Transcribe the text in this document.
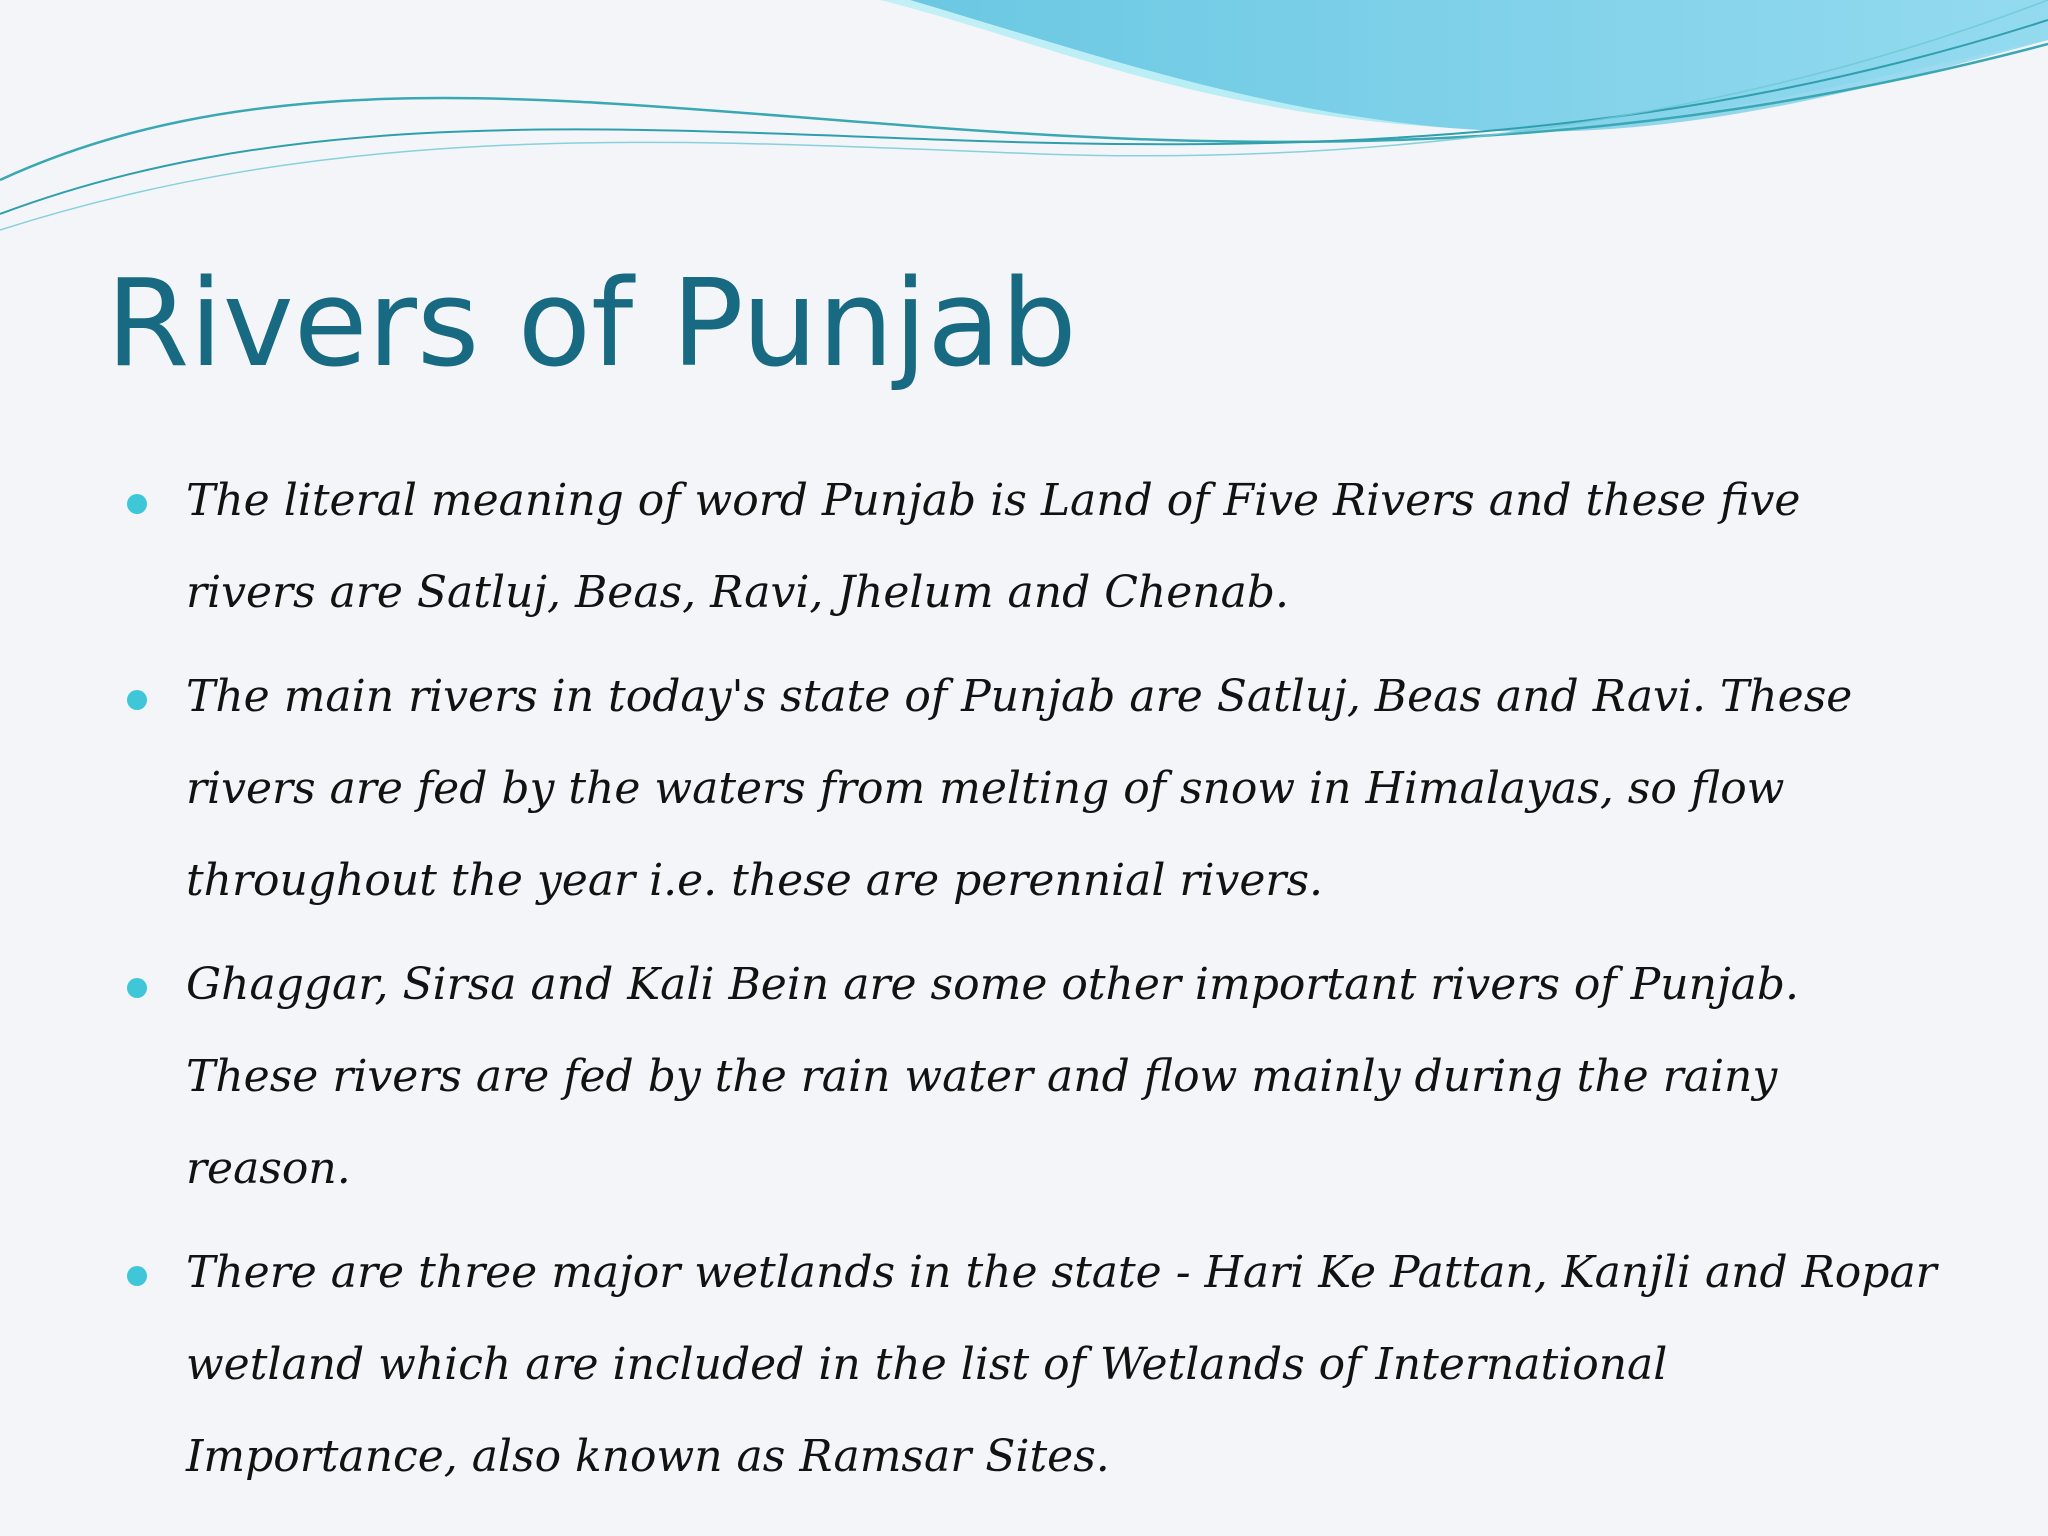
Rivers of Punjab
The literal meaning of word Punjab is Land of Five Rivers and these five rivers are Satluj, Beas, Ravi, Jhelum and Chenab.
The main rivers in today's state of Punjab are Satluj, Beas and Ravi. These rivers are fed by the waters from melting of snow in Himalayas, so flow throughout the year i.e. these are perennial rivers.
Ghaggar, Sirsa and Kali Bein are some other important rivers of Punjab. These rivers are fed by the rain water and flow mainly during the rainy reason.
There are three major wetlands in the state - Hari Ke Pattan, Kanjli and Ropar wetland which are included in the list of Wetlands of International Importance, also known as Ramsar Sites.
